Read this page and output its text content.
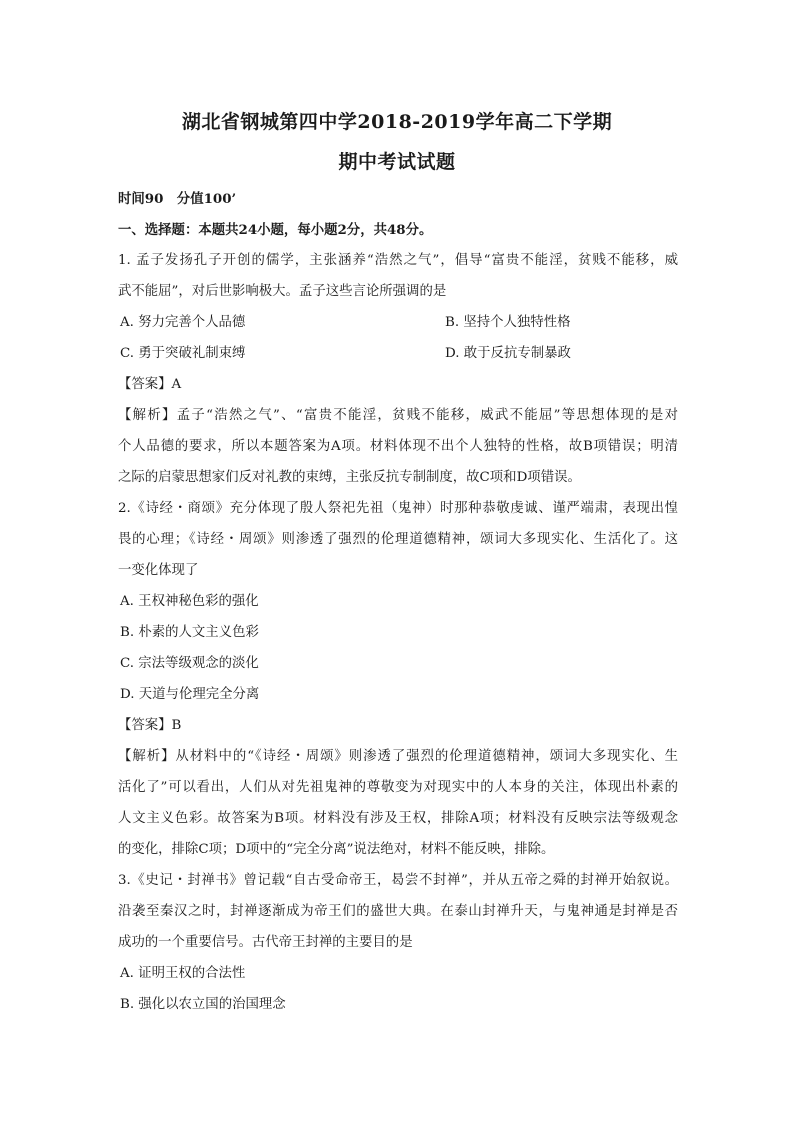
湖北省钢城第四中学2018-2019学年高二下学期
期中考试试题
时间90　分值100’
一、选择题：本题共24小题，每小题2分，共48分。
1. 孟子发扬孔子开创的儒学，主张涵养“浩然之气”，倡导“富贵不能淫，贫贱不能移，威
武不能屈”，对后世影响极大。孟子这些言论所强调的是
A. 努力完善个人品德	B. 坚持个人独特性格
C. 勇于突破礼制束缚	D. 敢于反抗专制暴政
【答案】A
【解析】孟子“浩然之气”、“富贵不能淫，贫贱不能移，威武不能屈”等思想体现的是对
个人品德的要求，所以本题答案为A项。材料体现不出个人独特的性格，故B项错误；明清
之际的启蒙思想家们反对礼教的束缚，主张反抗专制制度，故C项和D项错误。
2.《诗经・商颂》充分体现了殷人祭祀先祖（鬼神）时那种恭敬虔诚、谨严端肃，表现出惶
畏的心理；《诗经・周颂》则渗透了强烈的伦理道德精神，颂词大多现实化、生活化了。这
一变化体现了
A. 王权神秘色彩的强化
B. 朴素的人文主义色彩
C. 宗法等级观念的淡化
D. 天道与伦理完全分离
【答案】B
【解析】从材料中的“《诗经・周颂》则渗透了强烈的伦理道德精神，颂词大多现实化、生
活化了”可以看出，人们从对先祖鬼神的尊敬变为对现实中的人本身的关注，体现出朴素的
人文主义色彩。故答案为B项。材料没有涉及王权，排除A项；材料没有反映宗法等级观念
的变化，排除C项；D项中的“完全分离”说法绝对，材料不能反映，排除。
3.《史记・封禅书》曾记载“自古受命帝王，曷尝不封禅”，并从五帝之舜的封禅开始叙说。
沿袭至秦汉之时，封禅逐渐成为帝王们的盛世大典。在泰山封禅升天，与鬼神通是封禅是否
成功的一个重要信号。古代帝王封禅的主要目的是
A. 证明王权的合法性
B. 强化以农立国的治国理念
